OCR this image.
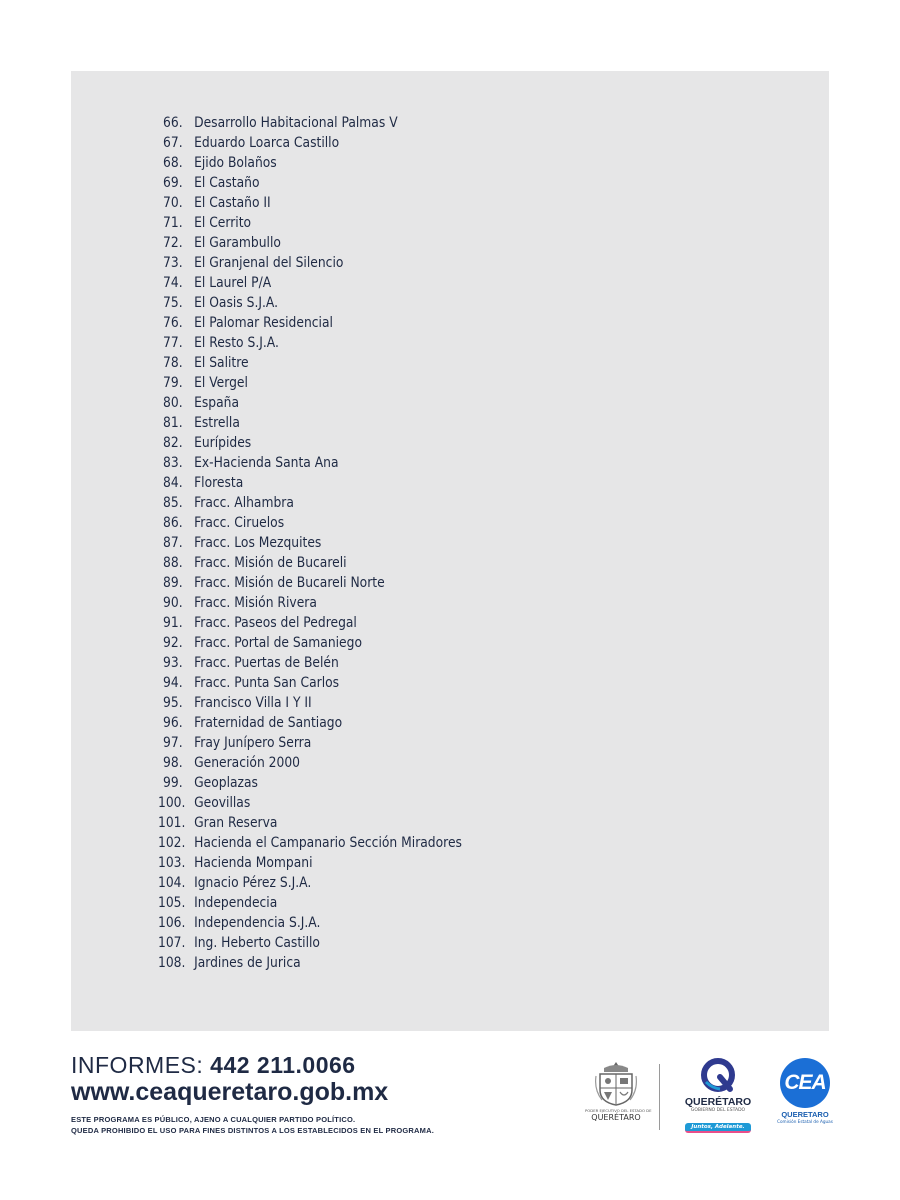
66. Desarrollo Habitacional Palmas V
67. Eduardo Loarca Castillo
68. Ejido Bolaños
69. El Castaño
70. El Castaño II
71. El Cerrito
72. El Garambullo
73. El Granjenal del Silencio
74. El Laurel P/A
75. El Oasis S.J.A.
76. El Palomar Residencial
77. El Resto S.J.A.
78. El Salitre
79. El Vergel
80. España
81. Estrella
82. Eurípides
83. Ex-Hacienda Santa Ana
84. Floresta
85. Fracc. Alhambra
86. Fracc. Ciruelos
87. Fracc. Los Mezquites
88. Fracc. Misión de Bucareli
89. Fracc. Misión de Bucareli Norte
90. Fracc. Misión Rivera
91. Fracc. Paseos del Pedregal
92. Fracc. Portal de Samaniego
93. Fracc. Puertas de Belén
94. Fracc. Punta San Carlos
95. Francisco Villa I Y II
96. Fraternidad de Santiago
97. Fray Junípero Serra
98. Generación 2000
99. Geoplazas
100. Geovillas
101. Gran Reserva
102. Hacienda el Campanario Sección Miradores
103. Hacienda Mompani
104. Ignacio Pérez S.J.A.
105. Independecia
106. Independencia S.J.A.
107. Ing. Heberto Castillo
108. Jardines de Jurica
INFORMES: 442 211.0066
www.ceaqueretaro.gob.mx
ESTE PROGRAMA ES PÚBLICO, AJENO A CUALQUIER PARTIDO POLÍTICO.
QUEDA PROHIBIDO EL USO PARA FINES DISTINTOS A LOS ESTABLECIDOS EN EL PROGRAMA.
PODER EJECUTIVO DEL ESTADO DE
QUERÉTARO
QUERÉTARO
GOBIERNO DEL ESTADO
Juntos, Adelante.
CEA
QUERETARO
Comisión Estatal de Aguas
